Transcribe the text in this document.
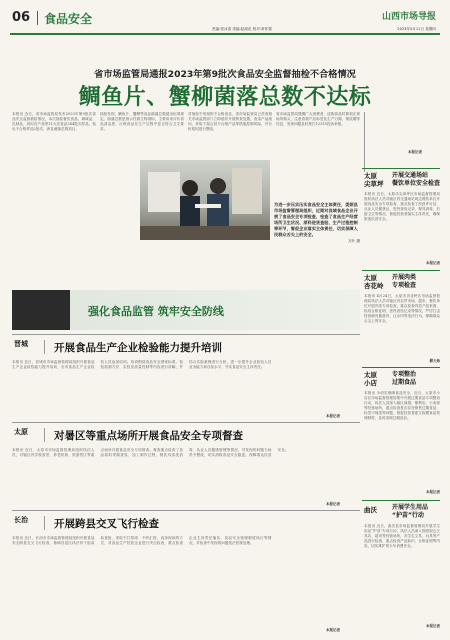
06 食品安全	山西市场导报
责编:张冰清 美编:赵淑花 校对:常怀强	2023年5月11日 星期四
省市场监管局通报2023年第9批次食品安全监督抽检不合格情况
鲷鱼片、蟹柳菌落总数不达标
本报讯 近日，省市场监管局发布2023年第9批次食品安全监督抽检情况，本次抽检餐饮食品、调味品、乳制品、食用农产品等11大类食品244批次样品，检出不合格样品2批次，涉及菌落总数项目。
抽检发现，鲷鱼片、蟹柳等食品菌落总数超出标准规定。菌落总数是指示性微生物指标，主要用来评价食品清洁度，反映食品在生产过程中是否符合卫生要求。
对抽检中发现的不合格食品，省市场监管局已责成相关市场监管部门立即组织开展核查处置，查清产品流向，采取下架召回不合格产品等措施控制风险，并分析原因进行整改。
省市场监管局提醒广大消费者，选购食品时要到正规场所购买，注意查看产品标签及生产日期、保质期等信息，发现问题及时拨打12315投诉举报。
本报记者
为进一步压实压实食品安全主体责任，娄烦县市场监督管理局组织，近期对县域食品企业开展了食品安全专项检查，检查了食品生产经营场所卫生状况、原料进货查验、生产过程控制等环节，督促企业落实主体责任，切实保障人民群众舌尖上的安全。
万叶 摄
强化食品监管 筑牢安全防线
太原
尖草坪
开展交通场站
餐饮单位安全检查
本报讯 近日，太原市尖草坪区市场监督管理局组织执法人员对辖区内交通场站周边餐饮单位开展食品安全专项检查，重点检查了经营许可证、从业人员健康证、进货查验记录、餐具消毒、后厨卫生等情况，督促经营者落实主体责任，确保旅客饮食安全。
本报记者
太原
杏花岭
开展肉类
专项检查
本报讯 4月24日，太原市杏花岭区市场监督管理局执法人员对辖区内农贸市场、超市、餐饮单位开展肉类专项检查，重点检查肉类产品来源、检疫合格证明、进货查验记录等情况，严厉打击经营病死畜禽肉、注水肉等违法行为，保障群众舌尖上的安全。
柳大炜
太原
小店
专项整治
过期食品
本报讯 为切实保障食品安全，近日，太原市小店区市场监督管理局集中开展过期食品专项整治行动，执法人员深入辖区商超、便利店、小卖部等经营场所，重点检查是否存在销售过期食品、标签不规范等问题，督促经营者建立临期食品管理制度，及时清理过期食品。
本报记者
曲沃	开展学生用品
“护苗”行动
本报讯 近日，曲沃县市场监督管理局开展学生用品“护苗”专项行动，执法人员深入校园周边文具店、超市等经营场所，对学生文具、玩具等产品进行检查，重点检查产品标识、合格证明等内容，切实维护青少年消费安全。
本报记者
晋城 开展食品生产企业检验能力提升培训
本报讯 近日，晋城市市场监督管理局组织开展食品生产企业检验能力提升培训，全市食品生产企业检验人员参加培训。培训围绕食品安全国家标准、检验检测方法、实验室质量控制等内容进行讲解，并结合实际案例进行分析，进一步提升企业检验人员业务能力和自检水平，夯实食品安全主体责任。
本报记者
太原 对暑区等重点场所开展食品安全专项督查
本报讯 近日，太原市市场监督管理局组织执法人员，对辖区内学校食堂、养老机构、旅游景区等重点场所开展食品安全专项督查。督查重点检查了食品原料采购查验、加工制作过程、餐饮具清洗消毒、从业人员健康管理等情况，对发现的问题当场责令整改，切实消除食品安全隐患，保障群众饮食安全。
本报记者
长治 开展跨县交叉飞行检查
本报讯 近日，长治市市场监督管理局组织开展食品安全跨县交叉飞行检查，抽调各县区执法骨干组成检查组，采取不打招呼、不听汇报、直奔现场的方式，对食品生产经营企业进行突击检查，重点检查企业主体责任落实、食品安全管理制度执行等情况，对检查中发现的问题依法依规处理。
本报记者
